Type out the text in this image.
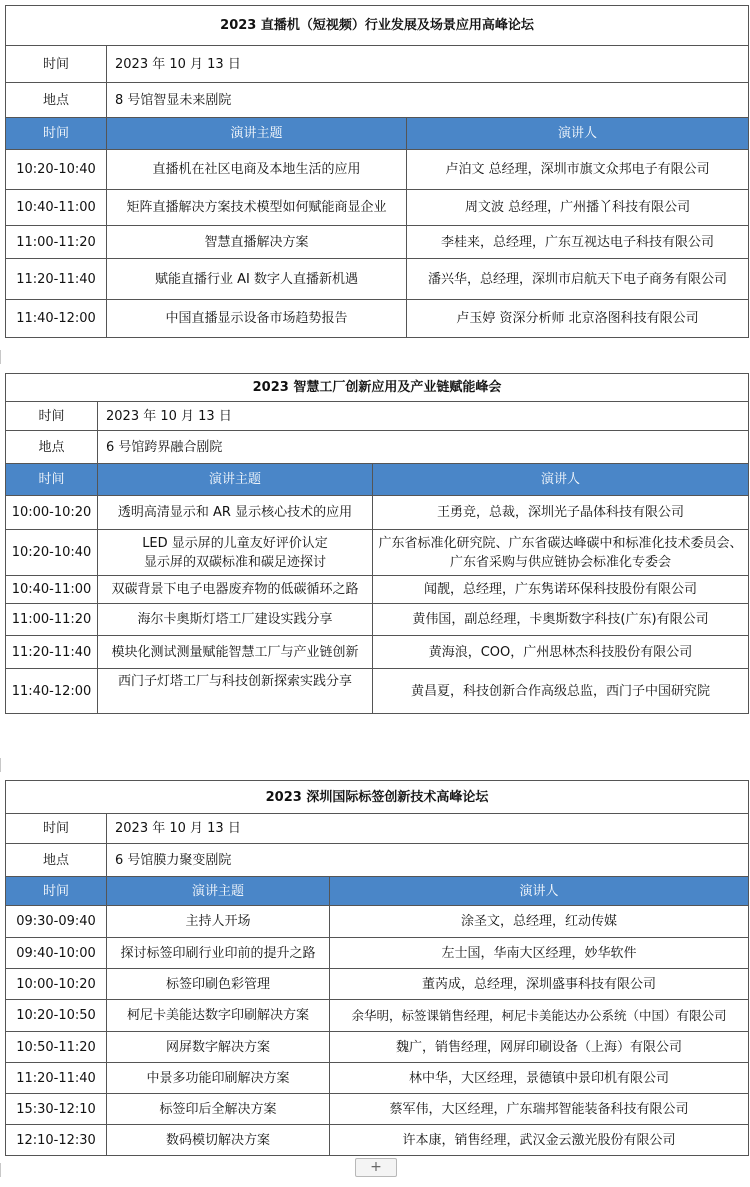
2023 直播机（短视频）行业发展及场景应用高峰论坛		
时间	2023 年 10 月 13 日	
地点	8 号馆智显未来剧院	
时间	演讲主题	演讲人
10:20-10:40	直播机在社区电商及本地生活的应用	卢泊文 总经理，深圳市旗文众邦电子有限公司
10:40-11:00	矩阵直播解决方案技术模型如何赋能商显企业	周文波 总经理，广州播丫科技有限公司
11:00-11:20	智慧直播解决方案	李桂来，总经理，广东互视达电子科技有限公司
11:20-11:40	赋能直播行业 AI 数字人直播新机遇	潘兴华，总经理，深圳市启航天下电子商务有限公司
11:40-12:00	中国直播显示设备市场趋势报告	卢玉婷 资深分析师 北京洛图科技有限公司
2023 智慧工厂创新应用及产业链赋能峰会		
时间	2023 年 10 月 13 日	
地点	6 号馆跨界融合剧院	
时间	演讲主题	演讲人
10:00-10:20	透明高清显示和 AR 显示核心技术的应用	王勇竞，总裁，深圳光子晶体科技有限公司
10:20-10:40	LED 显示屏的儿童友好评价认定
显示屏的双碳标准和碳足迹探讨	广东省标准化研究院、广东省碳达峰碳中和标准化技术委员会、广东省采购与供应链协会标准化专委会
10:40-11:00	双碳背景下电子电器废弃物的低碳循环之路	闻靓，总经理，广东隽诺环保科技股份有限公司
11:00-11:20	海尔卡奥斯灯塔工厂建设实践分享	黄伟国，副总经理，卡奥斯数字科技(广东)有限公司
11:20-11:40	模块化测试测量赋能智慧工厂与产业链创新	黄海浪，COO，广州思林杰科技股份有限公司
11:40-12:00	西门子灯塔工厂与科技创新探索实践分享	黄昌夏，科技创新合作高级总监，西门子中国研究院
2023 深圳国际标签创新技术高峰论坛		
时间	2023 年 10 月 13 日	
地点	6 号馆膜力聚变剧院	
时间	演讲主题	演讲人
09:30-09:40	主持人开场	涂圣文，总经理，红动传媒
09:40-10:00	探讨标签印刷行业印前的提升之路	左士国，华南大区经理，妙华软件
10:00-10:20	标签印刷色彩管理	董芮成，总经理，深圳盛事科技有限公司
10:20-10:50	柯尼卡美能达数字印刷解决方案	余华明，标签课销售经理，柯尼卡美能达办公系统（中国）有限公司
10:50-11:20	网屏数字解决方案	魏广，销售经理，网屏印刷设备（上海）有限公司
11:20-11:40	中景多功能印刷解决方案	林中华，大区经理，景德镇中景印机有限公司
15:30-12:10	标签印后全解决方案	蔡军伟，大区经理，广东瑞邦智能装备科技有限公司
12:10-12:30	数码模切解决方案	许本康，销售经理，武汉金云激光股份有限公司
+
